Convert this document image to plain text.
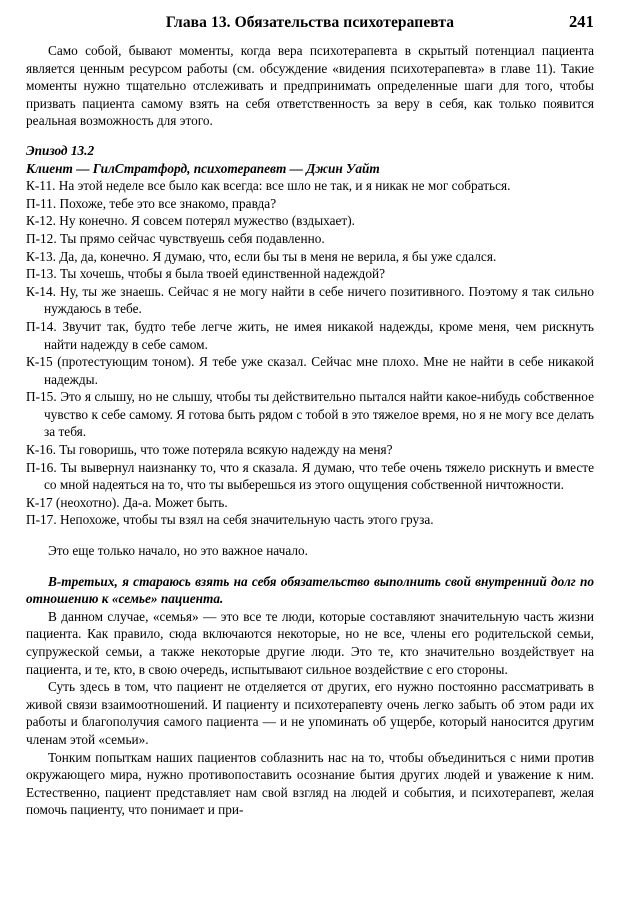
Глава 13. Обязательства психотерапевта	241

Само собой, бывают моменты, когда вера психотерапевта в скрытый потенциал пациента является ценным ресурсом работы (см. обсуждение «видения психотерапевта» в главе 11). Такие моменты нужно тщательно отслеживать и предпринимать определенные шаги для того, чтобы призвать пациента самому взять на себя ответственность за веру в себя, как только появится реальная возможность для этого.

Эпизод 13.2

Клиент — ГилСтратфорд, психотерапевт — Джин Уайт

К-11. На этой неделе все было как всегда: все шло не так, и я никак не мог собраться.

П-11. Похоже, тебе это все знакомо, правда?

К-12. Ну конечно. Я совсем потерял мужество (вздыхает).

П-12. Ты прямо сейчас чувствуешь себя подавленно.

К-13. Да, да, конечно. Я думаю, что, если бы ты в меня не верила, я бы уже сдался.

П-13. Ты хочешь, чтобы я была твоей единственной надеждой?

К-14. Ну, ты же знаешь. Сейчас я не могу найти в себе ничего позитивного. Поэтому я так сильно нуждаюсь в тебе.

П-14. Звучит так, будто тебе легче жить, не имея никакой надежды, кроме меня, чем рискнуть найти надежду в себе самом.

К-15 (протестующим тоном). Я тебе уже сказал. Сейчас мне плохо. Мне не найти в себе никакой надежды.

П-15. Это я слышу, но не слышу, чтобы ты действительно пытался найти какое-нибудь собственное чувство к себе самому. Я готова быть рядом с тобой в это тяжелое время, но я не могу все делать за тебя.

К-16. Ты говоришь, что тоже потеряла всякую надежду на меня?

П-16. Ты вывернул наизнанку то, что я сказала. Я думаю, что тебе очень тяжело рискнуть и вместе со мной надеяться на то, что ты выберешься из этого ощущения собственной ничтожности.

К-17 (неохотно). Да-а. Может быть.

П-17. Непохоже, чтобы ты взял на себя значительную часть этого груза.

Это еще только начало, но это важное начало.

В-третьих, я стараюсь взять на себя обязательство выполнить свой внутренний долг по отношению к «семье» пациента.

В данном случае, «семья» — это все те люди, которые составляют значительную часть жизни пациента. Как правило, сюда включаются некоторые, но не все, члены его родительской семьи, супружеской семьи, а также некоторые другие люди. Это те, кто значительно воздействует на пациента, и те, кто, в свою очередь, испытывают сильное воздействие с его стороны.

Суть здесь в том, что пациент не отделяется от других, его нужно постоянно рассматривать в живой связи взаимоотношений. И пациенту и психотерапевту очень легко забыть об этом ради их работы и благополучия самого пациента — и не упоминать об ущербе, который наносится другим членам этой «семьи».

Тонким попыткам наших пациентов соблазнить нас на то, чтобы объединиться с ними против окружающего мира, нужно противопоставить осознание бытия других людей и уважение к ним. Естественно, пациент представляет нам свой взгляд на людей и события, и психотерапевт, желая помочь пациенту, что понимает и при-
